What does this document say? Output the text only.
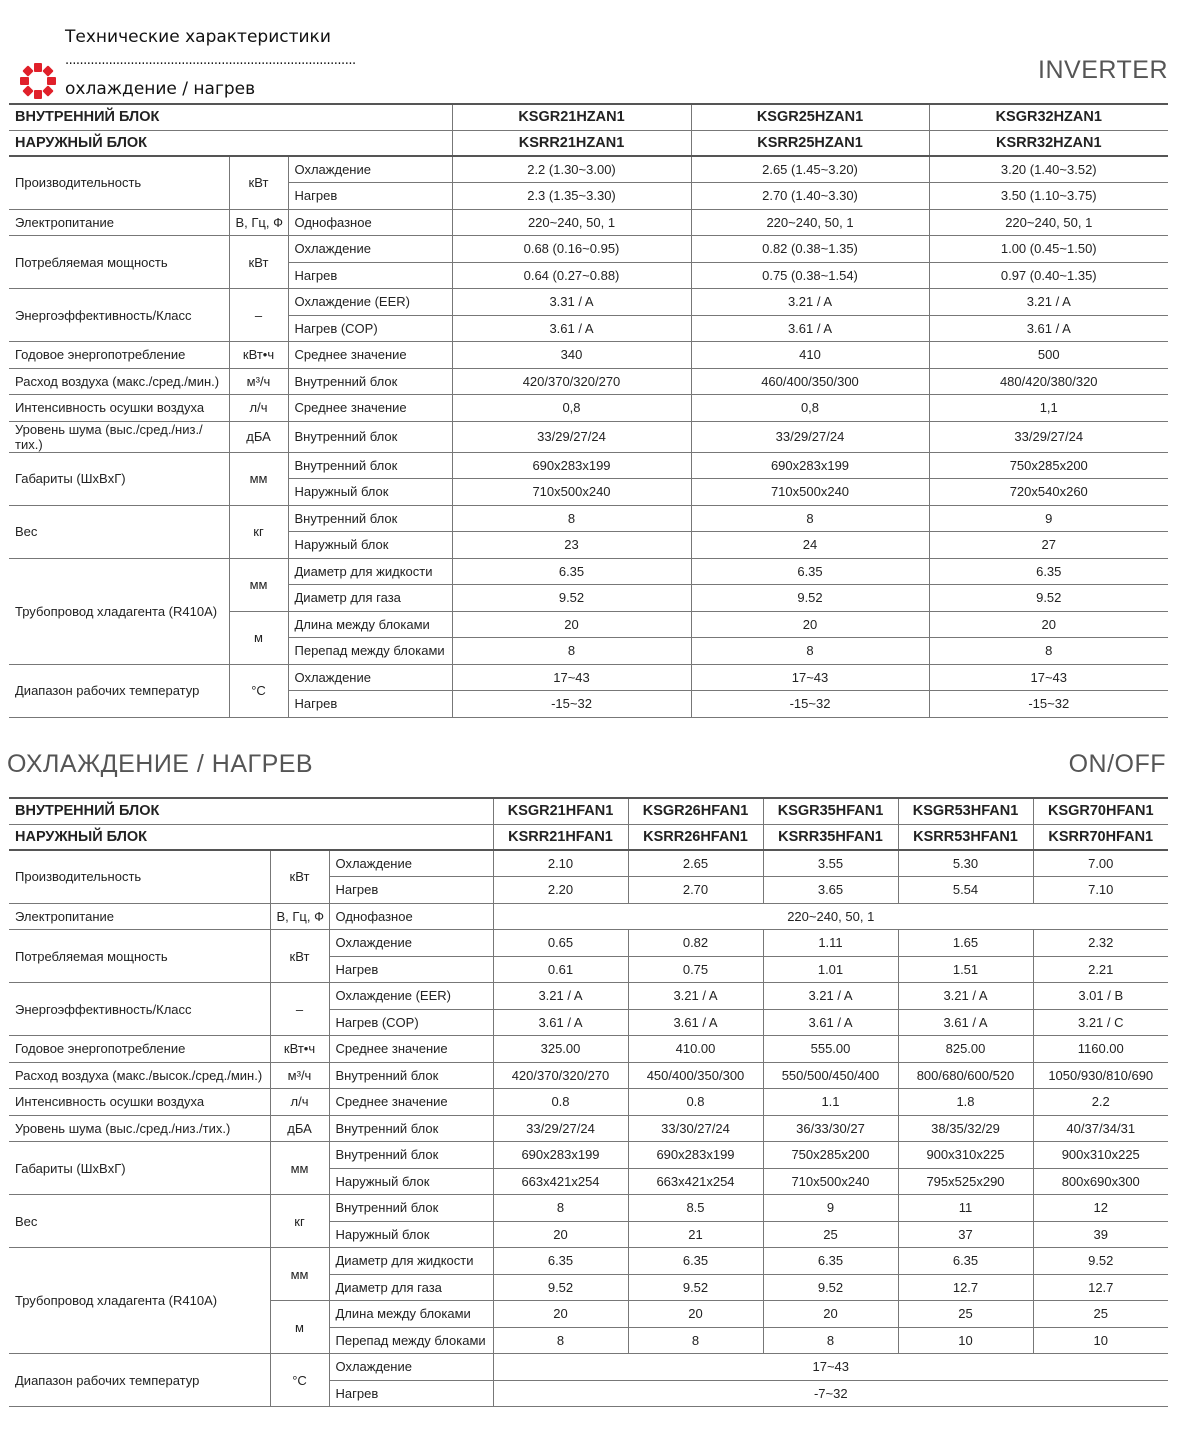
Технические характеристики
................................................................................
охлаждение / нагрев
INVERTER
ВНУТРЕННИЙ БЛОК			KSGR21HZAN1	KSGR25HZAN1	KSGR32HZAN1
НАРУЖНЫЙ БЛОК			KSRR21HZAN1	KSRR25HZAN1	KSRR32HZAN1
Производительность	кВт	Охлаждение	2.2 (1.30~3.00)	2.65 (1.45~3.20)	3.20 (1.40~3.52)
		Нагрев	2.3 (1.35~3.30)	2.70 (1.40~3.30)	3.50 (1.10~3.75)
Электропитание	В, Гц, Ф	Однофазное	220~240, 50, 1	220~240, 50, 1	220~240, 50, 1
Потребляемая мощность	кВт	Охлаждение	0.68 (0.16~0.95)	0.82 (0.38~1.35)	1.00 (0.45~1.50)
		Нагрев	0.64 (0.27~0.88)	0.75 (0.38~1.54)	0.97 (0.40~1.35)
Энергоэффективность/Класс	–	Охлаждение (EER)	3.31 / A	3.21 / A	3.21 / A
		Нагрев (COP)	3.61 / A	3.61 / A	3.61 / A
Годовое энергопотребление	кВт•ч	Среднее значение	340	410	500
Расход воздуха (макс./сред./мин.)	м³/ч	Внутренний блок	420/370/320/270	460/400/350/300	480/420/380/320
Интенсивность осушки воздуха	л/ч	Среднее значение	0,8	0,8	1,1
Уровень шума (выс./сред./низ./тих.)	дБА	Внутренний блок	33/29/27/24	33/29/27/24	33/29/27/24
Габариты (ШxВxГ)	мм	Внутренний блок	690x283x199	690x283x199	750x285x200
		Наружный блок	710x500x240	710x500x240	720x540x260
Вес	кг	Внутренний блок	8	8	9
		Наружный блок	23	24	27
Трубопровод хладагента (R410A)	мм	Диаметр для жидкости	6.35	6.35	6.35
		Диаметр для газа	9.52	9.52	9.52
	м	Длина между блоками	20	20	20
		Перепад между блоками	8	8	8
Диапазон рабочих температур	°C	Охлаждение	17~43	17~43	17~43
		Нагрев	-15~32	-15~32	-15~32
ОХЛАЖДЕНИЕ / НАГРЕВ	ON/OFF
ВНУТРЕННИЙ БЛОК			KSGR21HFAN1	KSGR26HFAN1	KSGR35HFAN1	KSGR53HFAN1	KSGR70HFAN1
НАРУЖНЫЙ БЛОК			KSRR21HFAN1	KSRR26HFAN1	KSRR35HFAN1	KSRR53HFAN1	KSRR70HFAN1
Производительность	кВт	Охлаждение	2.10	2.65	3.55	5.30	7.00
		Нагрев	2.20	2.70	3.65	5.54	7.10
Электропитание	В, Гц, Ф	Однофазное	220~240, 50, 1				
Потребляемая мощность	кВт	Охлаждение	0.65	0.82	1.11	1.65	2.32
		Нагрев	0.61	0.75	1.01	1.51	2.21
Энергоэффективность/Класс	–	Охлаждение (EER)	3.21 / A	3.21 / A	3.21 / A	3.21 / A	3.01 / B
		Нагрев (COP)	3.61 / A	3.61 / A	3.61 / A	3.61 / A	3.21 / C
Годовое энергопотребление	кВт•ч	Среднее значение	325.00	410.00	555.00	825.00	1160.00
Расход воздуха (макс./высок./сред./мин.)	м³/ч	Внутренний блок	420/370/320/270	450/400/350/300	550/500/450/400	800/680/600/520	1050/930/810/690
Интенсивность осушки воздуха	л/ч	Среднее значение	0.8	0.8	1.1	1.8	2.2
Уровень шума (выс./сред./низ./тих.)	дБА	Внутренний блок	33/29/27/24	33/30/27/24	36/33/30/27	38/35/32/29	40/37/34/31
Габариты (ШxВxГ)	мм	Внутренний блок	690x283x199	690x283x199	750x285x200	900x310x225	900x310x225
		Наружный блок	663x421x254	663x421x254	710x500x240	795x525x290	800x690x300
Вес	кг	Внутренний блок	8	8.5	9	11	12
		Наружный блок	20	21	25	37	39
Трубопровод хладагента (R410A)	мм	Диаметр для жидкости	6.35	6.35	6.35	6.35	9.52
		Диаметр для газа	9.52	9.52	9.52	12.7	12.7
	м	Длина между блоками	20	20	20	25	25
		Перепад между блоками	8	8	8	10	10
Диапазон рабочих температур	°C	Охлаждение	17~43				
		Нагрев	-7~32				
